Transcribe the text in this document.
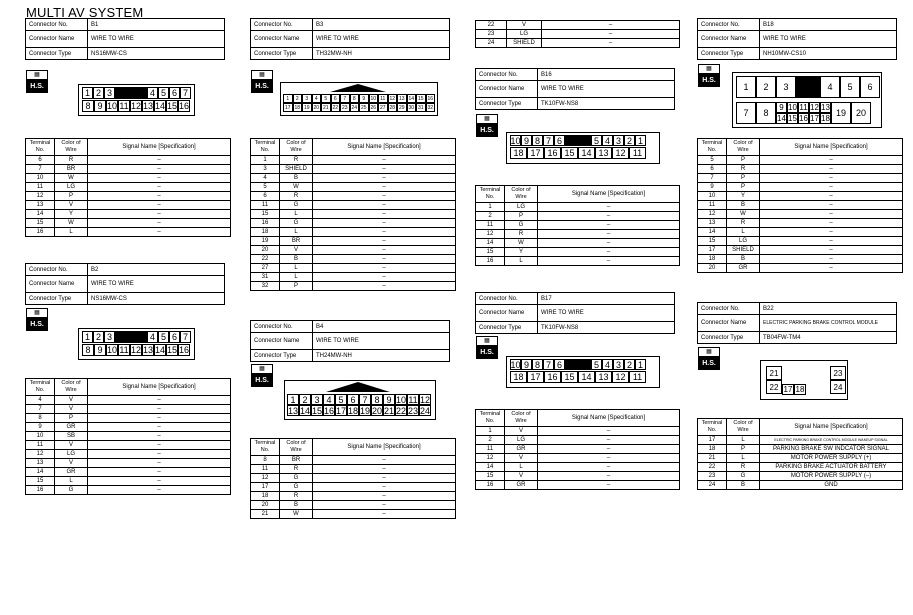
MULTI AV SYSTEM
Connector No.	B1
Connector Name	WIRE TO WIRE
Connector Type	NS16MW-CS
▦
H.S.
1 2 3	4 5 6 7
8 9 10 11 12 13 14 15 16
Terminal No.	Color of Wire	Signal Name [Specification]
6	R	–
7	BR	–
10	W	–
11	LG	–
12	P	–
13	V	–
14	Y	–
15	W	–
16	L	–
Connector No.	B2
Connector Name	WIRE TO WIRE
Connector Type	NS16MW-CS
▦
H.S.
1 2 3	4 5 6 7
8 9 10 11 12 13 14 15 16
Terminal No.	Color of Wire	Signal Name [Specification]
4	V	–
7	V	–
8	P	–
9	GR	–
10	SB	–
11	V	–
12	LG	–
13	V	–
14	GR	–
15	L	–
16	G	–
Connector No.	B3
Connector Name	WIRE TO WIRE
Connector Type	TH32MW-NH
▦
H.S.
1	2	3	4	5	6	7	8	9	10 11 12 13 14 15 16
17 18 19 20 21 22 23 24 25 26 27 28 29 30 31 32
Terminal No.	Color of Wire	Signal Name [Specification]
1	R	–
3	SHIELD	–
4	B	–
5	W	–
6	R	–
11	G	–
15	L	–
16	G	–
18	L	–
19	BR	–
20	V	–
22	B	–
27	L	–
31	L	–
32	P	–
Connector No.	B4
Connector Name	WIRE TO WIRE
Connector Type	TH24MW-NH
▦
H.S.
1 2 3 4 5 6 7 8 9 10 11 12
13 14 15 16 17 18 19 20 21 22 23 24
Terminal No.	Color of Wire	Signal Name [Specification]
8	BR	–
11	R	–
12	G	–
17	G	–
18	R	–
20	B	–
21	W	–
22	V	–
23	LG	–
24	SHIELD	–
Connector No.	B16
Connector Name	WIRE TO WIRE
Connector Type	TK10FW-NS8
▦
H.S.
10 9 8 7 6	5 4 3 2 1
18 17 16 15 14 13 12 11
Terminal No.	Color of Wire	Signal Name [Specification]
1	LG	–
2	P	–
11	G	–
12	R	–
14	W	–
15	Y	–
16	L	–
Connector No.	B17
Connector Name	WIRE TO WIRE
Connector Type	TK10FW-NS8
▦
H.S.
10 9 8 7 6	5 4 3 2 1
18 17 16 15 14 13 12 11
Terminal No.	Color of Wire	Signal Name [Specification]
1	V	–
2	LG	–
11	GR	–
12	V	–
14	L	–
15	V	–
16	GR	–
Connector No.	B18
Connector Name	WIRE TO WIRE
Connector Type	NH10MW-CS10
▦
H.S.
1	2	3	4	5	6
7	8
9 10 11 12 13
14 15 16 17 18
19	20
Terminal No.	Color of Wire	Signal Name [Specification]
5	P	–
6	R	–
7	P	–
9	P	–
10	Y	–
11	B	–
12	W	–
13	R	–
14	L	–
15	LG	–
17	SHIELD	–
18	B	–
20	GR	–
Connector No.	B22
Connector Name	ELECTRIC PARKING BRAKE CONTROL MODULE
Connector Type	TB04FW-TM4
▦
H.S.
21
22 17 18
23
24
Terminal No.	Color of Wire	Signal Name [Specification]
17	L	ELECTRIC PARKING BRAKE CONTROL MODULE WAKEUP SIGNAL
18	P	PARKING BRAKE SW INDCATOR SIGNAL
21	L	MOTOR POWER SUPPLY (+)
22	R	PARKING BRAKE ACTUATOR BATTERY
23	G	MOTOR POWER SUPPLY (–)
24	B	GND
